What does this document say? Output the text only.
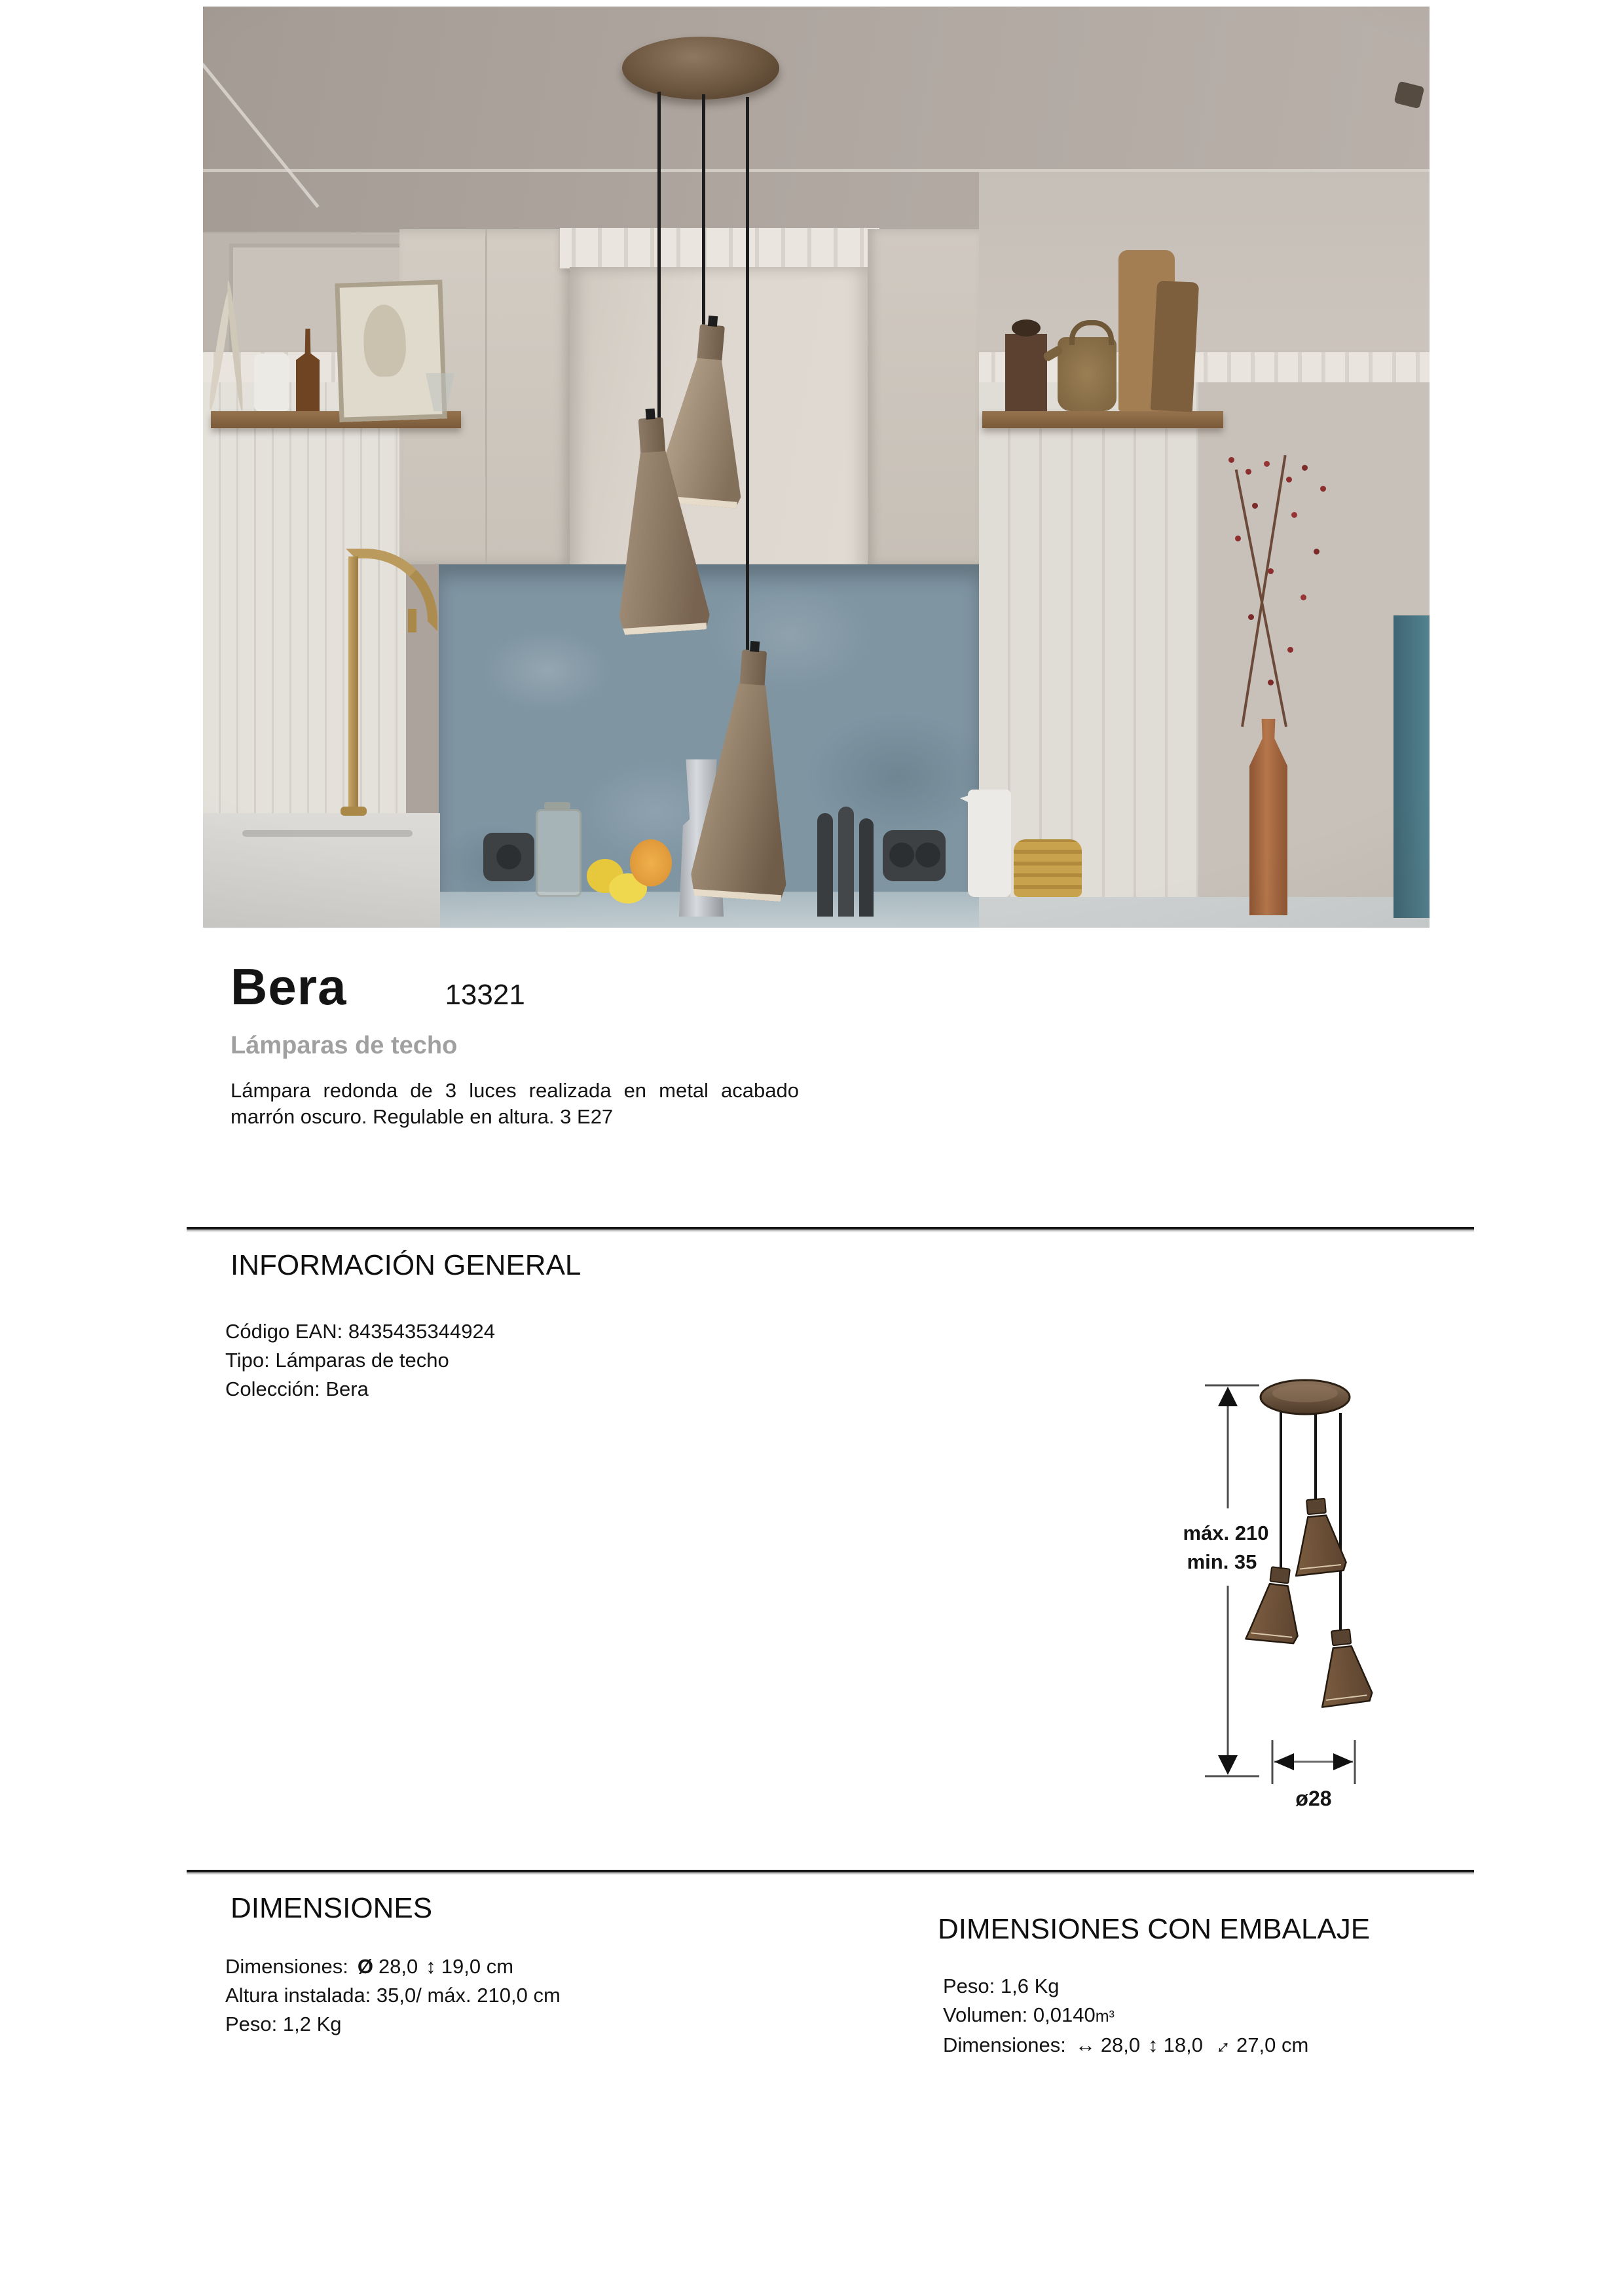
Bera	13321
Lámparas de techo
Lámpara redonda de 3 luces realizada en metal acabado marrón oscuro. Regulable en altura. 3 E27
INFORMACIÓN GENERAL
Código EAN: 8435435344924
Tipo: Lámparas de techo
Colección: Bera
máx. 210
min. 35
ø28
DIMENSIONES
Dimensiones: Ø 28,0 ↕ 19,0 cm
Altura instalada: 35,0/ máx. 210,0 cm
Peso: 1,2 Kg
DIMENSIONES CON EMBALAJE
Peso: 1,6 Kg
Volumen: 0,0140m³
Dimensiones: ↔ 28,0 ↕ 18,0 ↔27,0 cm
